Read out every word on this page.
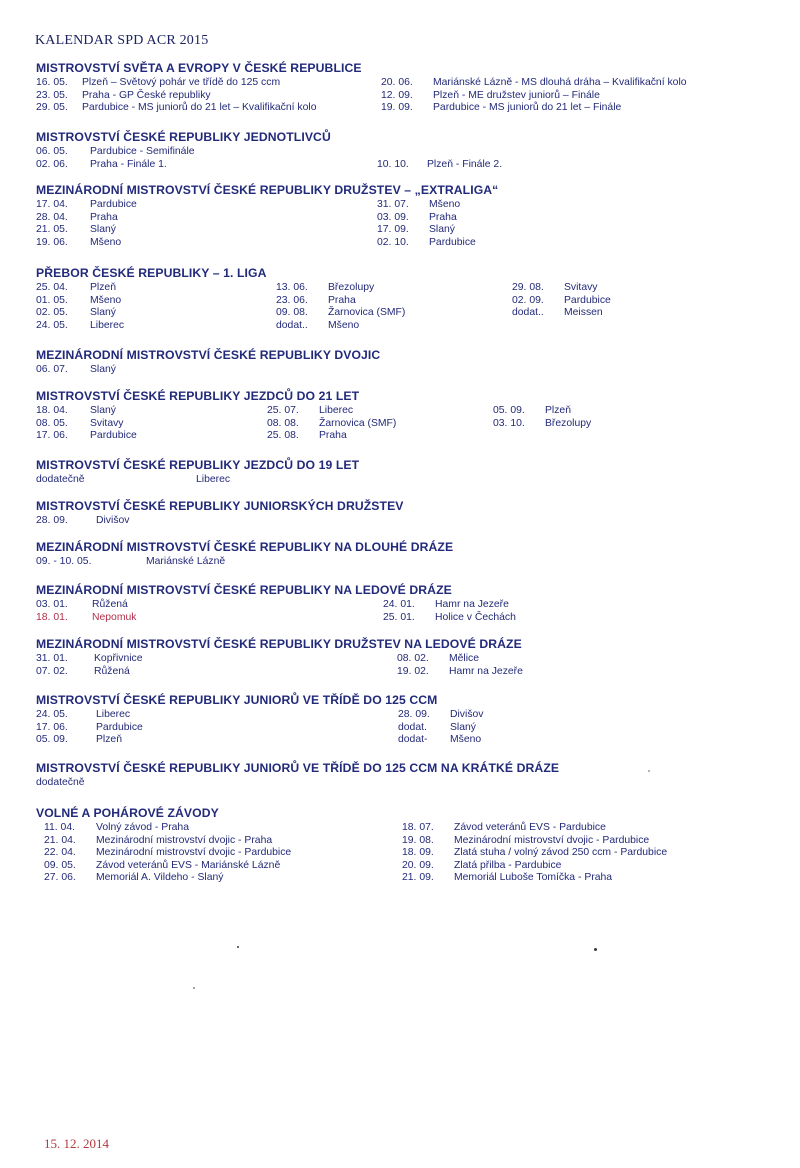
KALENDAR SPD ACR 2015
MISTROVSTVÍ SVĚTA A EVROPY V ČESKÉ REPUBLICE
16. 05.	Plzeň – Světový pohár ve třídě do 125 ccm
23. 05.	Praha - GP České republiky
29. 05.	Pardubice - MS juniorů do 21 let – Kvalifikační kolo
20. 06.	Mariánské Lázně - MS dlouhá dráha – Kvalifikační kolo
12. 09.	Plzeň - ME družstev juniorů – Finále
19. 09.	Pardubice - MS juniorů do 21 let – Finále
MISTROVSTVÍ ČESKÉ REPUBLIKY JEDNOTLIVCŮ
06. 05.	Pardubice - Semifinále
02. 06.	Praha - Finále 1.	10. 10.	Plzeň - Finále 2.
MEZINÁRODNÍ MISTROVSTVÍ ČESKÉ REPUBLIKY DRUŽSTEV – „EXTRALIGA“
17. 04.	Pardubice
28. 04.	Praha
21. 05.	Slaný
19. 06.	Mšeno
31. 07.	Mšeno
03. 09.	Praha
17. 09.	Slaný
02. 10.	Pardubice
PŘEBOR ČESKÉ REPUBLIKY – 1. LIGA
25. 04.	Plzeň
01. 05.	Mšeno
02. 05.	Slaný
24. 05.	Liberec
13. 06.	Březolupy
23. 06.	Praha
09. 08.	Žarnovica (SMF)
dodat..	Mšeno
29. 08.	Svitavy
02. 09.	Pardubice
dodat..	Meissen
MEZINÁRODNÍ MISTROVSTVÍ ČESKÉ REPUBLIKY DVOJIC
06. 07.	Slaný
MISTROVSTVÍ ČESKÉ REPUBLIKY JEZDCŮ DO 21 LET
18. 04.	Slaný
08. 05.	Svitavy
17. 06.	Pardubice
25. 07.	Liberec
08. 08.	Žarnovica (SMF)
25. 08.	Praha
05. 09.	Plzeň
03. 10.	Březolupy
MISTROVSTVÍ ČESKÉ REPUBLIKY JEZDCŮ DO 19 LET
dodatečně	Liberec
MISTROVSTVÍ ČESKÉ REPUBLIKY JUNIORSKÝCH DRUŽSTEV
28. 09.	Divišov
MEZINÁRODNÍ MISTROVSTVÍ ČESKÉ REPUBLIKY NA DLOUHÉ DRÁZE
09. - 10. 05.	Mariánské Lázně
MEZINÁRODNÍ MISTROVSTVÍ ČESKÉ REPUBLIKY NA LEDOVÉ DRÁZE
03. 01.	Růžená
18. 01.	Nepomuk
24. 01.	Hamr na Jezeře
25. 01.	Holice v Čechách
MEZINÁRODNÍ MISTROVSTVÍ ČESKÉ REPUBLIKY DRUŽSTEV NA LEDOVÉ DRÁZE
31. 01.	Kopřivnice
07. 02.	Růžená
08. 02.	Mělice
19. 02.	Hamr na Jezeře
MISTROVSTVÍ ČESKÉ REPUBLIKY JUNIORŮ VE TŘÍDĚ DO 125 CCM
24. 05.	Liberec
17. 06.	Pardubice
05. 09.	Plzeň
28. 09.	Divišov
dodat.	Slaný
dodat-	Mšeno
MISTROVSTVÍ ČESKÉ REPUBLIKY JUNIORŮ VE TŘÍDĚ DO 125 CCM NA KRÁTKÉ DRÁZE
dodatečně
VOLNÉ A POHÁROVÉ ZÁVODY
11. 04.	Volný závod - Praha
21. 04.	Mezinárodní mistrovství dvojic - Praha
22. 04.	Mezinárodní mistrovství dvojic - Pardubice
09. 05.	Závod veteránů EVS - Mariánské Lázně
27. 06.	Memoriál A. Vildeho - Slaný
18. 07.	Závod veteránů EVS - Pardubice
19. 08.	Mezinárodní mistrovství dvojic - Pardubice
18. 09.	Zlatá stuha / volný závod 250 ccm - Pardubice
20. 09.	Zlatá přilba - Pardubice
21. 09.	Memoriál Luboše Tomíčka - Praha
15. 12. 2014
